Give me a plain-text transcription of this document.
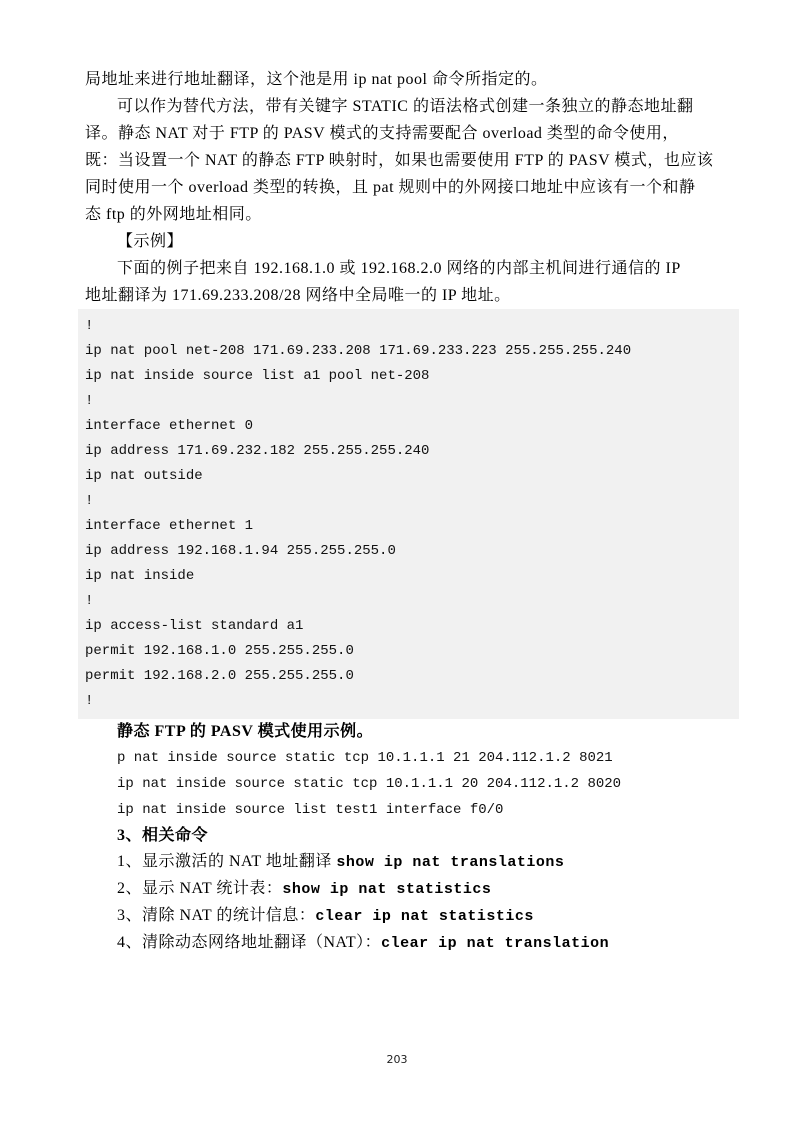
局地址来进行地址翻译，这个池是用 ip nat pool 命令所指定的。
可以作为替代方法，带有关键字 STATIC 的语法格式创建一条独立的静态地址翻
译。静态 NAT 对于 FTP 的 PASV 模式的支持需要配合 overload 类型的命令使用，
既：当设置一个 NAT 的静态 FTP 映射时，如果也需要使用 FTP 的 PASV 模式，也应该
同时使用一个 overload 类型的转换，且 pat 规则中的外网接口地址中应该有一个和静
态 ftp 的外网地址相同。
【示例】
下面的例子把来自 192.168.1.0 或 192.168.2.0 网络的内部主机间进行通信的 IP
地址翻译为 171.69.233.208/28 网络中全局唯一的 IP 地址。
!
ip nat pool net-208 171.69.233.208 171.69.233.223 255.255.255.240
ip nat inside source list a1 pool net-208
!
interface ethernet 0
ip address 171.69.232.182 255.255.255.240
ip nat outside
!
interface ethernet 1
ip address 192.168.1.94 255.255.255.0
ip nat inside
!
ip access-list standard a1
permit 192.168.1.0 255.255.255.0
permit 192.168.2.0 255.255.255.0
!
静态 FTP 的 PASV 模式使用示例。
p nat inside source static tcp 10.1.1.1 21 204.112.1.2 8021
ip nat inside source static tcp 10.1.1.1 20 204.112.1.2 8020
ip nat inside source list test1 interface f0/0
3、相关命令
1、显示激活的 NAT 地址翻译 show ip nat translations
2、显示 NAT 统计表：show ip nat statistics
3、清除 NAT 的统计信息：clear ip nat statistics
4、清除动态网络地址翻译（NAT）：clear ip nat translation
203
